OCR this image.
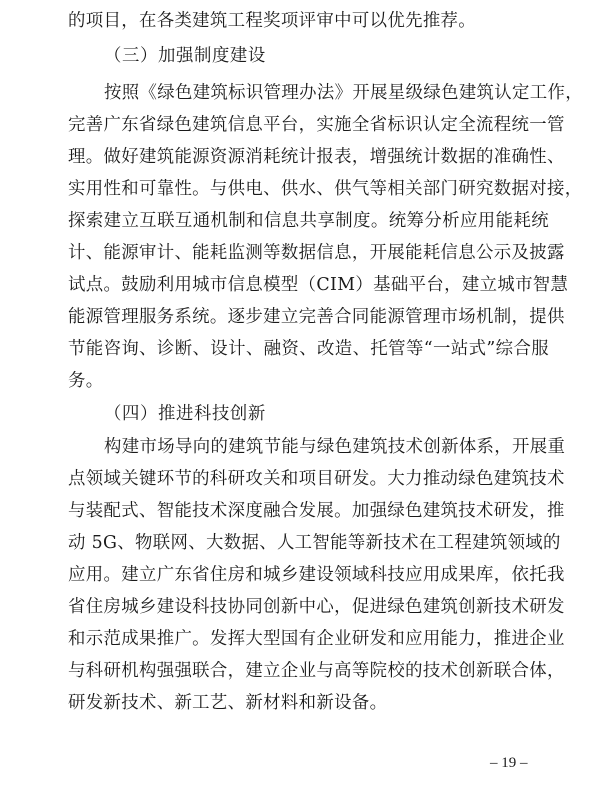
的项目，在各类建筑工程奖项评审中可以优先推荐。
（三）加强制度建设
按照《绿色建筑标识管理办法》开展星级绿色建筑认定工作，
完善广东省绿色建筑信息平台，实施全省标识认定全流程统一管
理。做好建筑能源资源消耗统计报表，增强统计数据的准确性、
实用性和可靠性。与供电、供水、供气等相关部门研究数据对接，
探索建立互联互通机制和信息共享制度。统筹分析应用能耗统
计、能源审计、能耗监测等数据信息，开展能耗信息公示及披露
试点。鼓励利用城市信息模型（CIM）基础平台，建立城市智慧
能源管理服务系统。逐步建立完善合同能源管理市场机制，提供
节能咨询、诊断、设计、融资、改造、托管等“一站式”综合服
务。
（四）推进科技创新
构建市场导向的建筑节能与绿色建筑技术创新体系，开展重
点领域关键环节的科研攻关和项目研发。大力推动绿色建筑技术
与装配式、智能技术深度融合发展。加强绿色建筑技术研发，推
动 5G、物联网、大数据、人工智能等新技术在工程建筑领域的
应用。建立广东省住房和城乡建设领域科技应用成果库，依托我
省住房城乡建设科技协同创新中心，促进绿色建筑创新技术研发
和示范成果推广。发挥大型国有企业研发和应用能力，推进企业
与科研机构强强联合，建立企业与高等院校的技术创新联合体，
研发新技术、新工艺、新材料和新设备。
– 19 –
